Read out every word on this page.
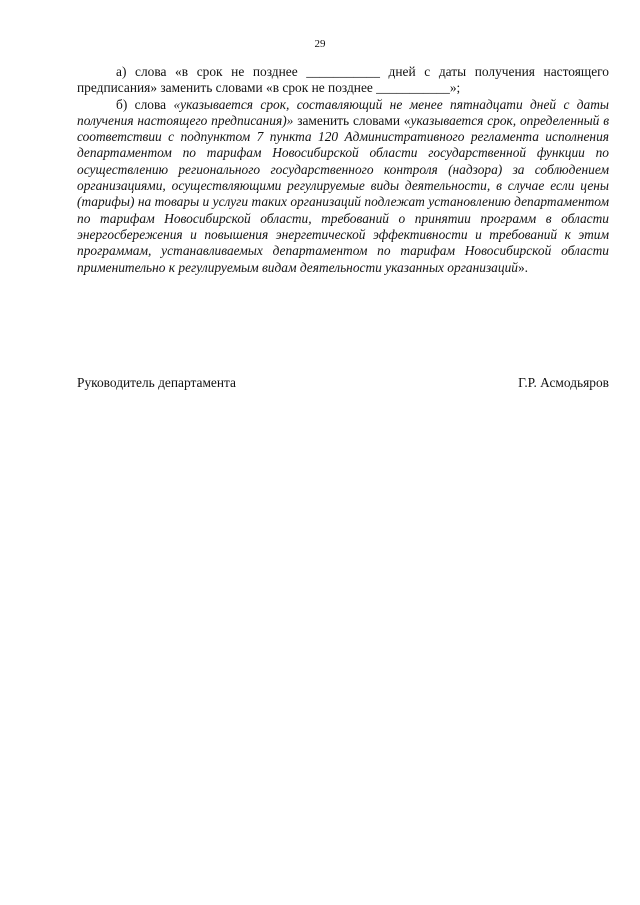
29

а) слова «в срок не позднее ___________ дней с даты получения настоящего предписания» заменить словами «в срок не позднее ___________»;

б) слова «указывается срок, составляющий не менее пятнадцати дней с даты получения настоящего предписания)» заменить словами «указывается срок, определенный в соответствии с подпунктом 7 пункта 120 Административного регламента исполнения департаментом по тарифам Новосибирской области государственной функции по осуществлению регионального государственного контроля (надзора) за соблюдением организациями, осуществляющими регулируемые виды деятельности, в случае если цены (тарифы) на товары и услуги таких организаций подлежат установлению департаментом по тарифам Новосибирской области, требований о принятии программ в области энергосбережения и повышения энергетической эффективности и требований к этим программам, устанавливаемых департаментом по тарифам Новосибирской области применительно к регулируемым видам деятельности указанных организаций».

Руководитель департамента	Г.Р. Асмодьяров
